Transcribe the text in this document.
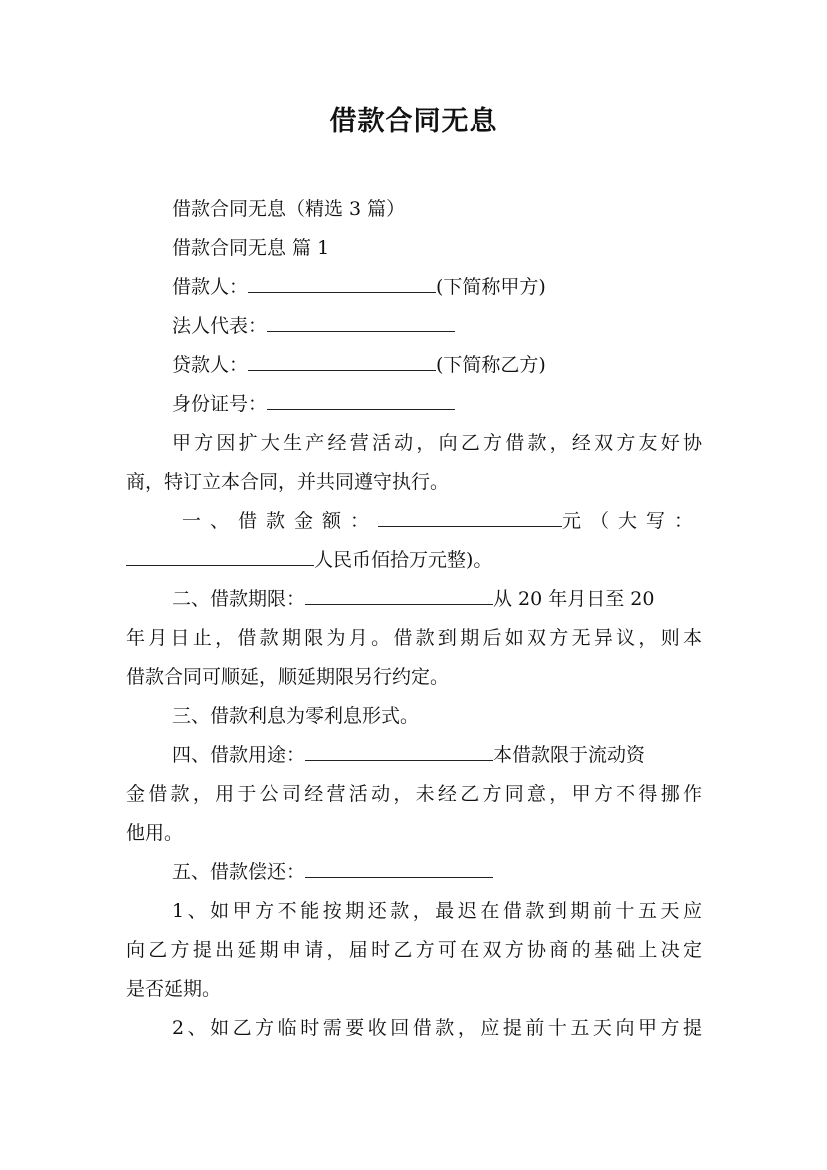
借款合同无息
借款合同无息（精选 3 篇）
借款合同无息 篇 1
借款人：	(下简称甲方)
法人代表：
贷款人：	(下简称乙方)
身份证号：
甲方因扩大生产经营活动，向乙方借款，经双方友好协
商，特订立本合同，并共同遵守执行。
一、借款金额：	元（大写：
人民币佰拾万元整)。
二、借款期限：	从 20 年月日至 20
年月日止，借款期限为月。借款到期后如双方无异议，则本
借款合同可顺延，顺延期限另行约定。
三、借款利息为零利息形式。
四、借款用途：	本借款限于流动资
金借款，用于公司经营活动，未经乙方同意，甲方不得挪作
他用。
五、借款偿还：
1、如甲方不能按期还款，最迟在借款到期前十五天应
向乙方提出延期申请，届时乙方可在双方协商的基础上决定
是否延期。
2、如乙方临时需要收回借款，应提前十五天向甲方提
